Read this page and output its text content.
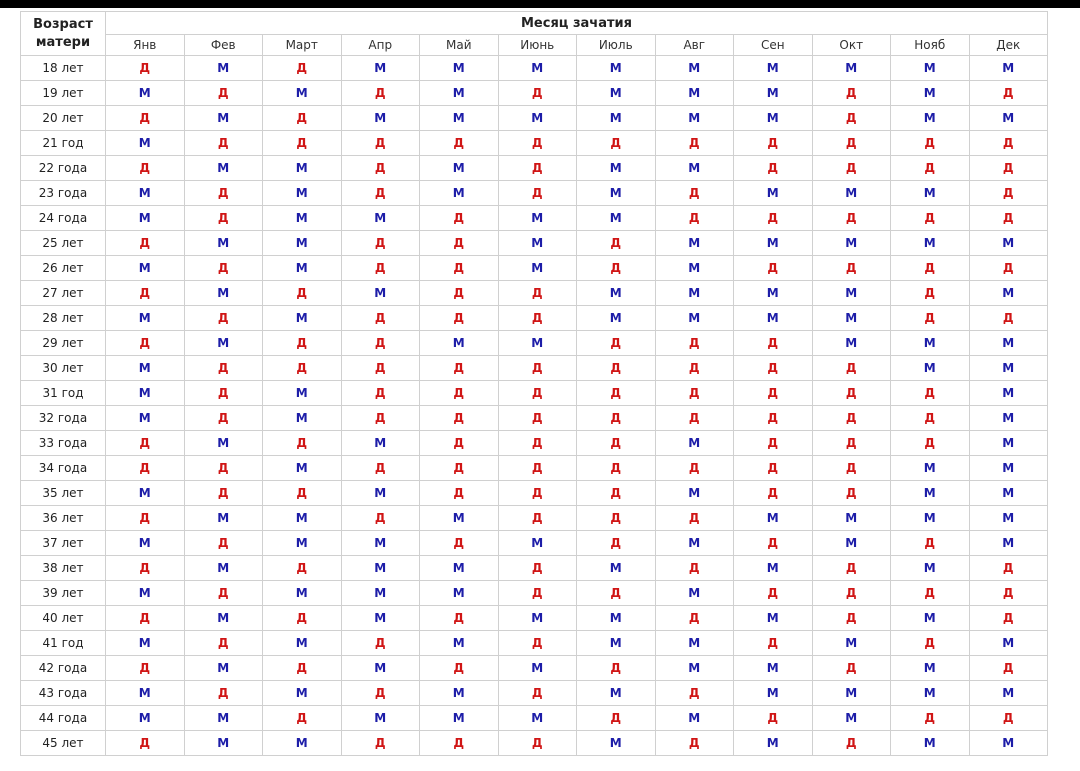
Возраст
матери	Месяц зачатия											
	Янв	Фев	Март	Апр	Май	Июнь	Июль	Авг	Сен	Окт	Нояб	Дек
18 лет	Д	М	Д	М	М	М	М	М	М	М	М	М
19 лет	М	Д	М	Д	М	Д	М	М	М	Д	М	Д
20 лет	Д	М	Д	М	М	М	М	М	М	Д	М	М
21 год	М	Д	Д	Д	Д	Д	Д	Д	Д	Д	Д	Д
22 года	Д	М	М	Д	М	Д	М	М	Д	Д	Д	Д
23 года	М	Д	М	Д	М	Д	М	Д	М	М	М	Д
24 года	М	Д	М	М	Д	М	М	Д	Д	Д	Д	Д
25 лет	Д	М	М	Д	Д	М	Д	М	М	М	М	М
26 лет	М	Д	М	Д	Д	М	Д	М	Д	Д	Д	Д
27 лет	Д	М	Д	М	Д	Д	М	М	М	М	Д	М
28 лет	М	Д	М	Д	Д	Д	М	М	М	М	Д	Д
29 лет	Д	М	Д	Д	М	М	Д	Д	Д	М	М	М
30 лет	М	Д	Д	Д	Д	Д	Д	Д	Д	Д	М	М
31 год	М	Д	М	Д	Д	Д	Д	Д	Д	Д	Д	М
32 года	М	Д	М	Д	Д	Д	Д	Д	Д	Д	Д	М
33 года	Д	М	Д	М	Д	Д	Д	М	Д	Д	Д	М
34 года	Д	Д	М	Д	Д	Д	Д	Д	Д	Д	М	М
35 лет	М	Д	Д	М	Д	Д	Д	М	Д	Д	М	М
36 лет	Д	М	М	Д	М	Д	Д	Д	М	М	М	М
37 лет	М	Д	М	М	Д	М	Д	М	Д	М	Д	М
38 лет	Д	М	Д	М	М	Д	М	Д	М	Д	М	Д
39 лет	М	Д	М	М	М	Д	Д	М	Д	Д	Д	Д
40 лет	Д	М	Д	М	Д	М	М	Д	М	Д	М	Д
41 год	М	Д	М	Д	М	Д	М	М	Д	М	Д	М
42 года	Д	М	Д	М	Д	М	Д	М	М	Д	М	Д
43 года	М	Д	М	Д	М	Д	М	Д	М	М	М	М
44 года	М	М	Д	М	М	М	Д	М	Д	М	Д	Д
45 лет	Д	М	М	Д	Д	Д	М	Д	М	Д	М	М
